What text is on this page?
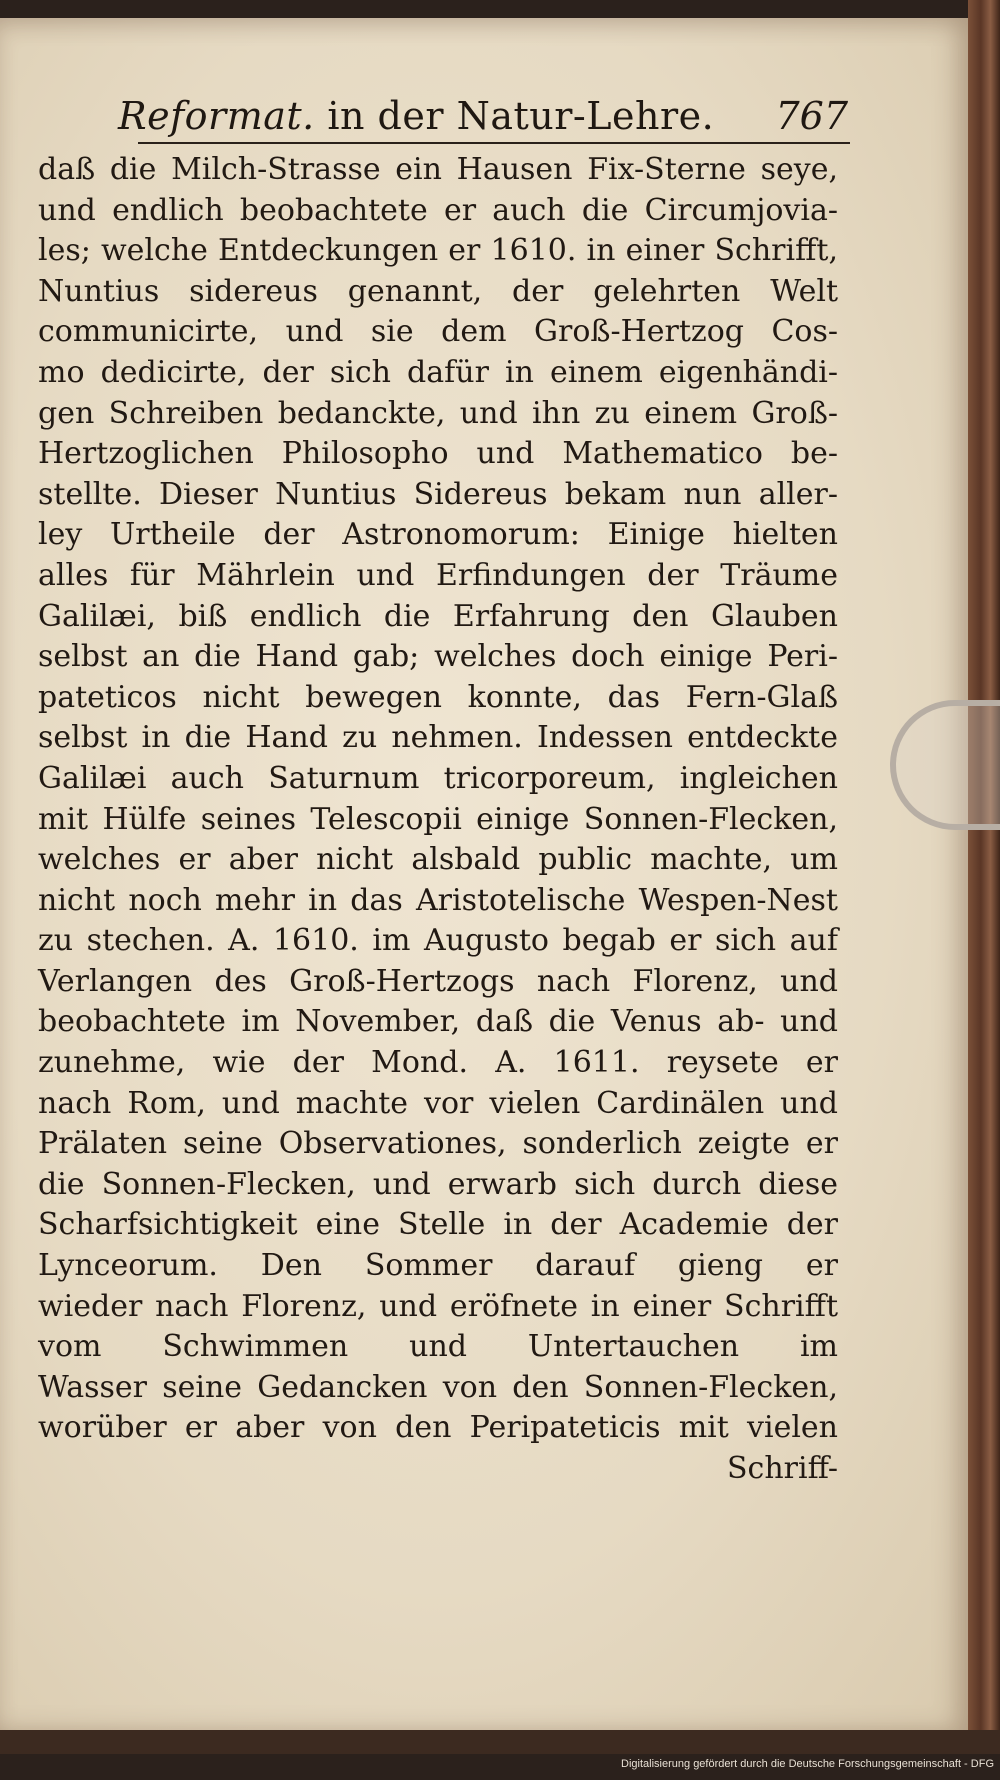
Reformat. in der Natur-Lehre. 767
daß die Milch-Strasse ein Hausen Fix-Sterne seye,
und endlich beobachtete er auch die Circumjovia-
les; welche Entdeckungen er 1610. in einer Schrifft,
Nuntius sidereus genannt, der gelehrten Welt
communicirte, und sie dem Groß-Hertzog Cos-
mo dedicirte, der sich dafür in einem eigenhändi-
gen Schreiben bedanckte, und ihn zu einem Groß-
Hertzoglichen Philosopho und Mathematico be-
stellte. Dieser Nuntius Sidereus bekam nun aller-
ley Urtheile der Astronomorum: Einige hielten
alles für Mährlein und Erfindungen der Träume
Galilæi, biß endlich die Erfahrung den Glauben
selbst an die Hand gab; welches doch einige Peri-
pateticos nicht bewegen konnte, das Fern-Glaß
selbst in die Hand zu nehmen. Indessen entdeckte
Galilæi auch Saturnum tricorporeum, ingleichen
mit Hülfe seines Telescopii einige Sonnen-Flecken,
welches er aber nicht alsbald public machte, um
nicht noch mehr in das Aristotelische Wespen-Nest
zu stechen. A. 1610. im Augusto begab er sich auf
Verlangen des Groß-Hertzogs nach Florenz, und
beobachtete im November, daß die Venus ab- und
zunehme, wie der Mond. A. 1611. reysete er
nach Rom, und machte vor vielen Cardinälen und
Prälaten seine Observationes, sonderlich zeigte er
die Sonnen-Flecken, und erwarb sich durch diese
Scharfsichtigkeit eine Stelle in der Academie der
Lynceorum. Den Sommer darauf gieng er
wieder nach Florenz, und eröfnete in einer Schrifft
vom Schwimmen und Untertauchen im
Wasser seine Gedancken von den Sonnen-Flecken,
worüber er aber von den Peripateticis mit vielen
Schriff-
Digitalisierung gefördert durch die Deutsche Forschungsgemeinschaft - DFG
